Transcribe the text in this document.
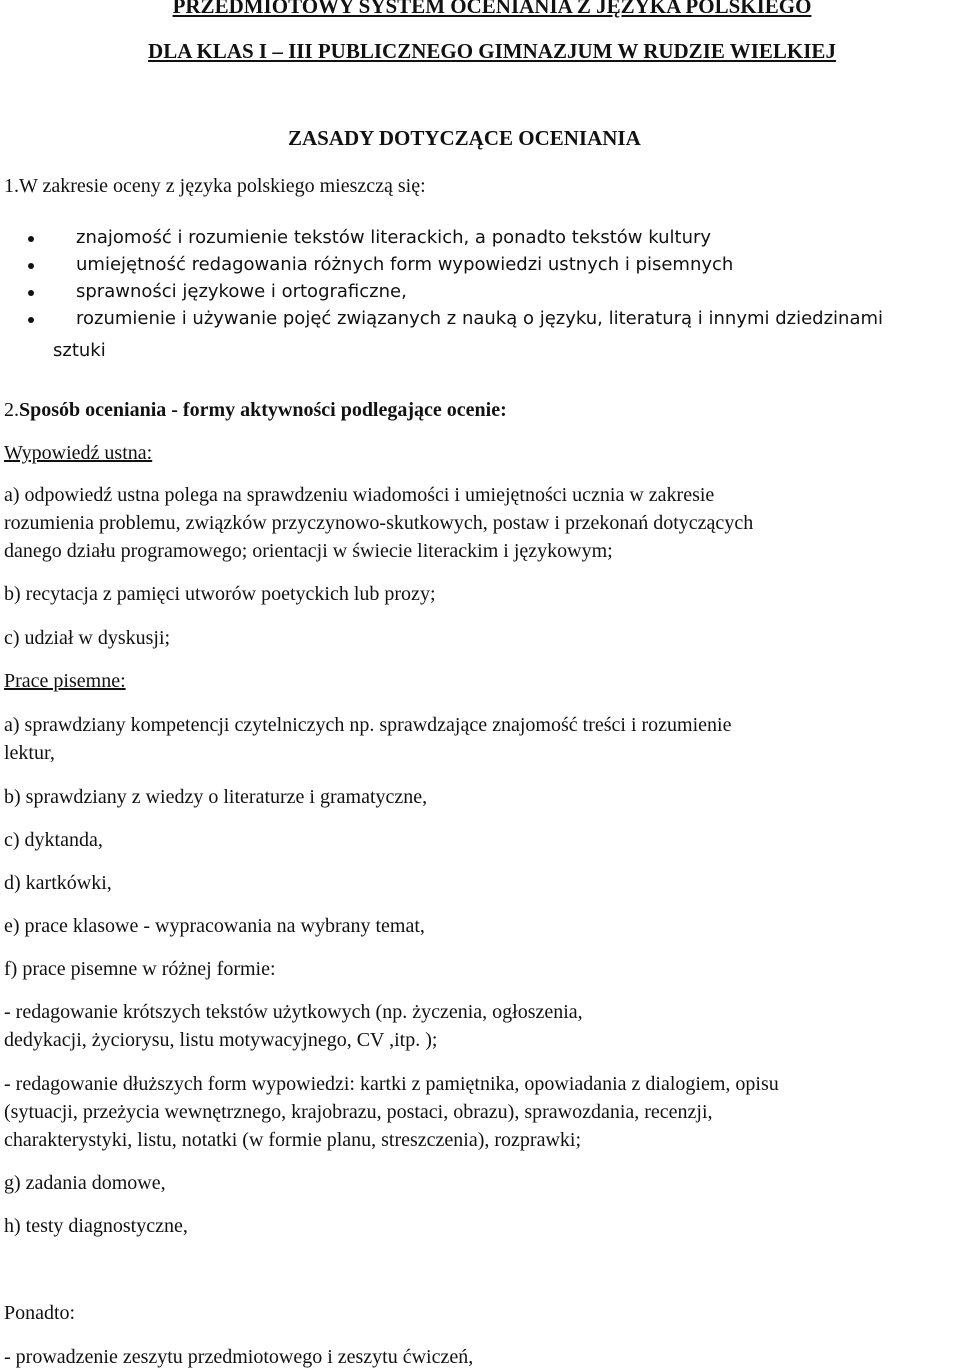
PRZEDMIOTOWY SYSTEM OCENIANIA Z JĘZYKA POLSKIEGO
DLA KLAS I – III PUBLICZNEGO GIMNAZJUM W RUDZIE WIELKIEJ
ZASADY DOTYCZĄCE OCENIANIA
1.W zakresie oceny z języka polskiego mieszczą się:
znajomość i rozumienie tekstów literackich, a ponadto tekstów kultury
umiejętność redagowania różnych form wypowiedzi ustnych i pisemnych
sprawności językowe i ortograficzne,
rozumienie i używanie pojęć związanych z nauką o języku, literaturą i innymi dziedzinami
sztuki
2.Sposób oceniania - formy aktywności podlegające ocenie:
Wypowiedź ustna:
a) odpowiedź ustna polega na sprawdzeniu wiadomości i umiejętności ucznia w zakresie
rozumienia problemu, związków przyczynowo-skutkowych, postaw i przekonań dotyczących
danego działu programowego; orientacji w świecie literackim i językowym;
b) recytacja z pamięci utworów poetyckich lub prozy;
c) udział w dyskusji;
Prace pisemne:
a) sprawdziany kompetencji czytelniczych np. sprawdzające znajomość treści i rozumienie
lektur,
b) sprawdziany z wiedzy o literaturze i gramatyczne,
c) dyktanda,
d) kartkówki,
e) prace klasowe - wypracowania na wybrany temat,
f) prace pisemne w różnej formie:
- redagowanie krótszych tekstów użytkowych (np. życzenia, ogłoszenia,
dedykacji, życiorysu, listu motywacyjnego, CV ,itp. );
- redagowanie dłuższych form wypowiedzi: kartki z pamiętnika, opowiadania z dialogiem, opisu
(sytuacji, przeżycia wewnętrznego, krajobrazu, postaci, obrazu), sprawozdania, recenzji,
charakterystyki, listu, notatki (w formie planu, streszczenia), rozprawki;
g) zadania domowe,
h) testy diagnostyczne,
Ponadto:
- prowadzenie zeszytu przedmiotowego i zeszytu ćwiczeń,
